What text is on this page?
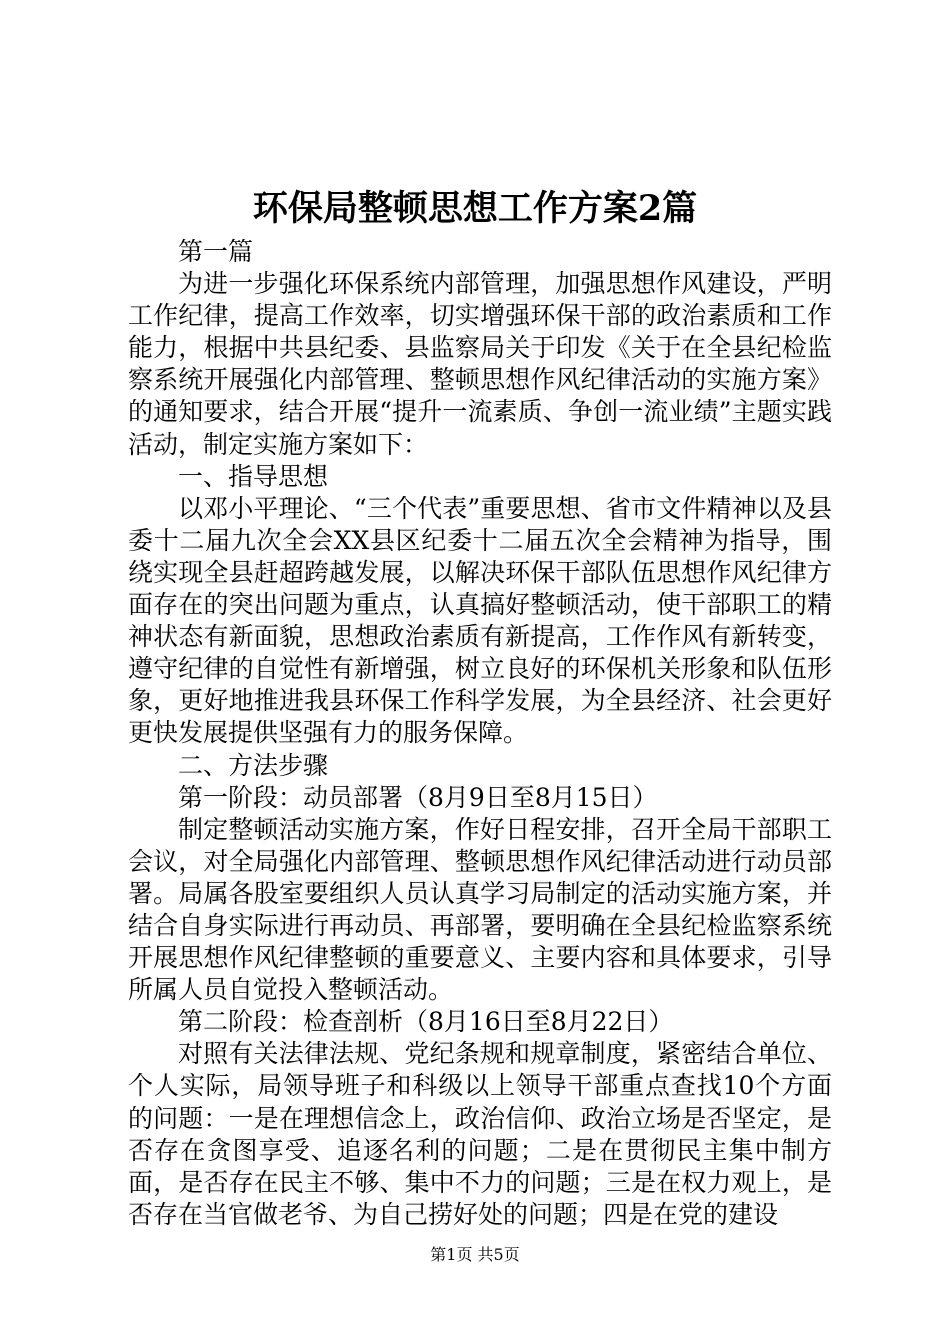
环保局整顿思想工作方案2篇

第一篇

为进一步强化环保系统内部管理，加强思想作风建设，严明工作纪律，提高工作效率，切实增强环保干部的政治素质和工作能力，根据中共县纪委、县监察局关于印发《关于在全县纪检监察系统开展强化内部管理、整顿思想作风纪律活动的实施方案》的通知要求，结合开展“提升一流素质、争创一流业绩”主题实践活动，制定实施方案如下：

一、指导思想

以邓小平理论、“三个代表”重要思想、省市文件精神以及县委十二届九次全会XX县区纪委十二届五次全会精神为指导，围绕实现全县赶超跨越发展，以解决环保干部队伍思想作风纪律方面存在的突出问题为重点，认真搞好整顿活动，使干部职工的精神状态有新面貌，思想政治素质有新提高，工作作风有新转变，遵守纪律的自觉性有新增强，树立良好的环保机关形象和队伍形象，更好地推进我县环保工作科学发展，为全县经济、社会更好更快发展提供坚强有力的服务保障。

二、方法步骤

第一阶段：动员部署（8月9日至8月15日）

制定整顿活动实施方案，作好日程安排，召开全局干部职工会议，对全局强化内部管理、整顿思想作风纪律活动进行动员部署。局属各股室要组织人员认真学习局制定的活动实施方案，并结合自身实际进行再动员、再部署，要明确在全县纪检监察系统开展思想作风纪律整顿的重要意义、主要内容和具体要求，引导所属人员自觉投入整顿活动。

第二阶段：检查剖析（8月16日至8月22日）

对照有关法律法规、党纪条规和规章制度，紧密结合单位、个人实际，局领导班子和科级以上领导干部重点查找10个方面的问题：一是在理想信念上，政治信仰、政治立场是否坚定，是否存在贪图享受、追逐名利的问题；二是在贯彻民主集中制方面，是否存在民主不够、集中不力的问题；三是在权力观上，是否存在当官做老爷、为自己捞好处的问题；四是在党的建设

第1页 共5页
